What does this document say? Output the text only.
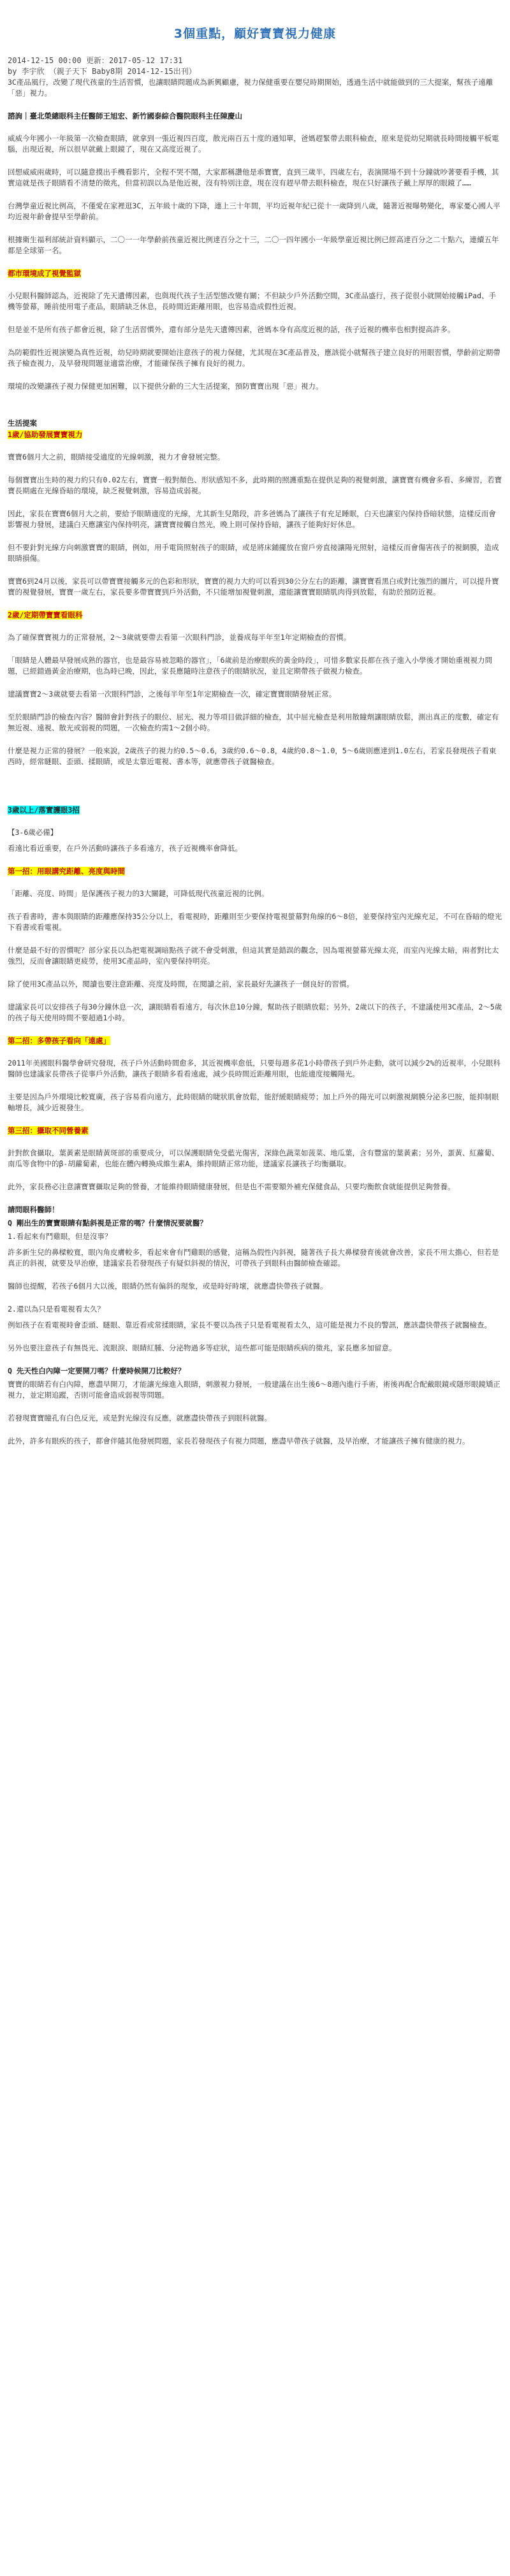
3個重點，顧好寶寶視力健康

2014-12-15 00:00 更新：2017-05-12 17:31

by 李宇欣 （親子天下 Baby8期 2014-12-15出刊）

3C產品風行，改變了現代孩童的生活習慣，也讓眼睛問題成為新興顧慮，視力保健重要在嬰兒時期開始，透過生活中就能做到的三大提案，幫孩子遠離「惡」視力。

諮詢｜臺北榮總眼科主任醫師王旭宏、新竹國泰綜合醫院眼科主任陳慶山

威威今年國小一年級第一次檢查眼睛，就拿到一張近視四百度，散光兩百五十度的通知單，爸媽趕緊帶去眼科檢查，原來是從幼兒期就長時間接觸平板電腦，出現近視，所以很早就戴上眼鏡了，現在又高度近視了。

回想威威兩歲時，可以隨意摸出手機看影片，全程不哭不鬧，大家都稱讚他是乖寶寶，直到三歲半，四歲左右，表演開場不到十分鐘就吵著要看手機，其實這就是孩子眼睛看不清楚的徵兆，但當初誤以為是他近視，沒有特別注意，現在沒有趕早帶去眼科檢查，現在只好讓孩子戴上厚厚的眼鏡了……

台灣學童近視比例高，不僅愛在家裡逛3C，五年級十歲的下降，連上三十年間，平均近視年紀已從十一歲降到八歲，隨著近視曝勢變化，專家憂心國人平均近視年齡會提早至學齡前。

根據衛生福利部統計資料顯示，二〇一一年學齡前孩童近視比例達百分之十三，二〇一四年國小一年級學童近視比例已經高達百分之二十點六，連續五年都是全球第一名。

都市環境成了視覺監獄

小兒眼科醫師認為，近視除了先天遺傳因素，也與現代孩子生活型態改變有關；不但缺少戶外活動空間，3C產品盛行，孩子從很小就開始接觸iPad、手機等螢幕，睡前使用電子產品，眼睛缺乏休息，長時間近距離用眼，也容易造成假性近視。

但是並不是所有孩子都會近視，除了生活習慣外，還有部分是先天遺傳因素，爸媽本身有高度近視的話，孩子近視的機率也相對提高許多。

為防範假性近視演變為真性近視，幼兒時期就要開始注意孩子的視力保健，尤其現在3C產品普及，應該從小就幫孩子建立良好的用眼習慣，學齡前定期帶孩子檢查視力，及早發現問題並適當治療，才能確保孩子擁有良好的視力。

環境的改變讓孩子視力保健更加困難，以下提供分齡的三大生活提案，預防寶寶出現「惡」視力。

生活提案

1歲/協助發展寶寶視力

寶寶6個月大之前，眼睛接受適度的光線刺激，視力才會發展完整。

每個寶寶出生時的視力約只有0.02左右，寶寶一般對顏色、形狀感知不多，此時期的照護重點在提供足夠的視覺刺激，讓寶寶有機會多看、多練習，若寶寶長期處在光線昏暗的環境，缺乏視覺刺激，容易造成弱視。

因此，家長在寶寶6個月大之前，要給予眼睛適度的光線，尤其新生兒階段，許多爸媽為了讓孩子有充足睡眠，白天也讓室內保持昏暗狀態，這樣反而會影響視力發展，建議白天應讓室內保持明亮，讓寶寶接觸自然光，晚上則可保持昏暗，讓孩子能夠好好休息。

但不要針對光線方向刺激寶寶的眼睛，例如，用手電筒照射孩子的眼睛，或是將床鋪擺放在窗戶旁直接讓陽光照射，這樣反而會傷害孩子的視網膜，造成眼睛損傷。

寶寶6到24月以後，家長可以帶寶寶接觸多元的色彩和形狀，寶寶的視力大約可以看到30公分左右的距離，讓寶寶看黑白或對比強烈的圖片，可以提升寶寶的視覺發展，寶寶一歲左右，家長要多帶寶寶到戶外活動，不只能增加視覺刺激，還能讓寶寶眼睛肌肉得到放鬆，有助於預防近視。

2歲/定期帶寶寶看眼科

為了確保寶寶視力的正常發展，2～3歲就要帶去看第一次眼科門診，並養成每半年至1年定期檢查的習慣。

「眼睛是人體最早發展成熟的器官，也是最容易被忽略的器官」，「6歲前是治療眼疾的黃金時段」，可惜多數家長都在孩子進入小學後才開始重視視力問題，已經錯過黃金治療期，也為時已晚，因此，家長應隨時注意孩子的眼睛狀況，並且定期帶孩子做視力檢查。

建議寶寶2～3歲就要去看第一次眼科門診，之後每半年至1年定期檢查一次，確定寶寶眼睛發展正常。

至於眼睛門診的檢查內容？醫師會針對孩子的眼位、屈光、視力等項目做詳細的檢查，其中屈光檢查是利用散瞳劑讓眼睛放鬆，測出真正的度數，確定有無近視、遠視、散光或弱視的問題，一次檢查約需1～2個小時。

什麼是視力正常的發展？一般來說，2歲孩子的視力約0.5～0.6，3歲約0.6～0.8，4歲約0.8～1.0，5～6歲則應達到1.0左右，若家長發現孩子看東西時，經常瞇眼、歪頭、揉眼睛，或是太靠近電視、書本等，就應帶孩子就醫檢查。

3歲以上/落實護眼3招

【3-6歲必備】

看遠比看近重要，在戶外活動時讓孩子多看遠方，孩子近視機率會降低。

第一招：用眼講究距離、亮度與時間

「距離、亮度、時間」是保護孩子視力的3大關鍵，可降低現代孩童近視的比例。

孩子看書時，書本與眼睛的距離應保持35公分以上，看電視時，距離則至少要保持電視螢幕對角線的6～8倍，並要保持室內光線充足，不可在昏暗的燈光下看書或看電視。

什麼是最不好的習慣呢？部分家長以為把電視調暗點孩子就不會受刺激，但這其實是錯誤的觀念，因為電視螢幕光線太亮，而室內光線太暗，兩者對比太強烈，反而會讓眼睛更疲勞，使用3C產品時，室內要保持明亮。

除了使用3C產品以外，閱讀也要注意距離、亮度及時間，在閱讀之前，家長最好先讓孩子一個良好的習慣。

建議家長可以安排孩子每30分鐘休息一次，讓眼睛看看遠方，每次休息10分鐘，幫助孩子眼睛放鬆；另外，2歲以下的孩子，不建議使用3C產品，2～5歲的孩子每天使用時間不要超過1小時。

第二招：多帶孩子看向「遠處」

2011年美國眼科醫學會研究發現，孩子戶外活動時間愈多，其近視機率愈低，只要每週多花1小時帶孩子到戶外走動，就可以減少2%的近視率，小兒眼科醫師也建議家長帶孩子從事戶外活動，讓孩子眼睛多看看遠處，減少長時間近距離用眼，也能適度接觸陽光。

主要是因為戶外環境比較寬廣，孩子容易看向遠方，此時眼睛的睫狀肌會放鬆，能舒緩眼睛疲勞；加上戶外的陽光可以刺激視網膜分泌多巴胺，能抑制眼軸增長，減少近視發生。

第三招：攝取不同營養素

針對飲食攝取，葉黃素是眼睛黃斑部的重要成分，可以保護眼睛免受藍光傷害，深綠色蔬菜如菠菜、地瓜葉，含有豐富的葉黃素；另外，蛋黃、紅蘿蔔、南瓜等食物中的β-胡蘿蔔素，也能在體內轉換成維生素A，維持眼睛正常功能，建議家長讓孩子均衡攝取。

此外，家長務必注意讓寶寶攝取足夠的營養，才能維持眼睛健康發展，但是也不需要額外補充保健食品，只要均衡飲食就能提供足夠營養。

請問眼科醫師！

Q 剛出生的寶寶眼睛有點斜視是正常的嗎？什麼情況要就醫？

1.看起來有鬥雞眼，但是沒事？

許多新生兒的鼻樑較寬，眼內角皮膚較多，看起來會有鬥雞眼的感覺，這稱為假性內斜視，隨著孩子長大鼻樑發育後就會改善，家長不用太擔心，但若是真正的斜視，就要及早治療，建議家長若發現孩子有疑似斜視的情況，可帶孩子到眼科由醫師檢查確認。

醫師也提醒，若孩子6個月大以後，眼睛仍然有偏斜的現象，或是時好時壞，就應盡快帶孩子就醫。

2.還以為只是看電視看太久？

例如孩子在看電視時會歪頭、瞇眼、靠近看或常揉眼睛，家長不要以為孩子只是看電視看太久，這可能是視力不良的警訊，應該盡快帶孩子就醫檢查。

另外也要注意孩子有無畏光、流眼淚、眼睛紅腫、分泌物過多等症狀，這些都可能是眼睛疾病的徵兆，家長應多加留意。

Q 先天性白內障一定要開刀嗎？什麼時候開刀比較好？

寶寶的眼睛若有白內障，應盡早開刀，才能讓光線進入眼睛，刺激視力發展，一般建議在出生後6～8週內進行手術，術後再配合配戴眼鏡或隱形眼鏡矯正視力，並定期追蹤，否則可能會造成弱視等問題。

若發現寶寶瞳孔有白色反光，或是對光線沒有反應，就應盡快帶孩子到眼科就醫。

此外，許多有眼疾的孩子，都會伴隨其他發展問題，家長若發現孩子有視力問題，應盡早帶孩子就醫，及早治療，才能讓孩子擁有健康的視力。
